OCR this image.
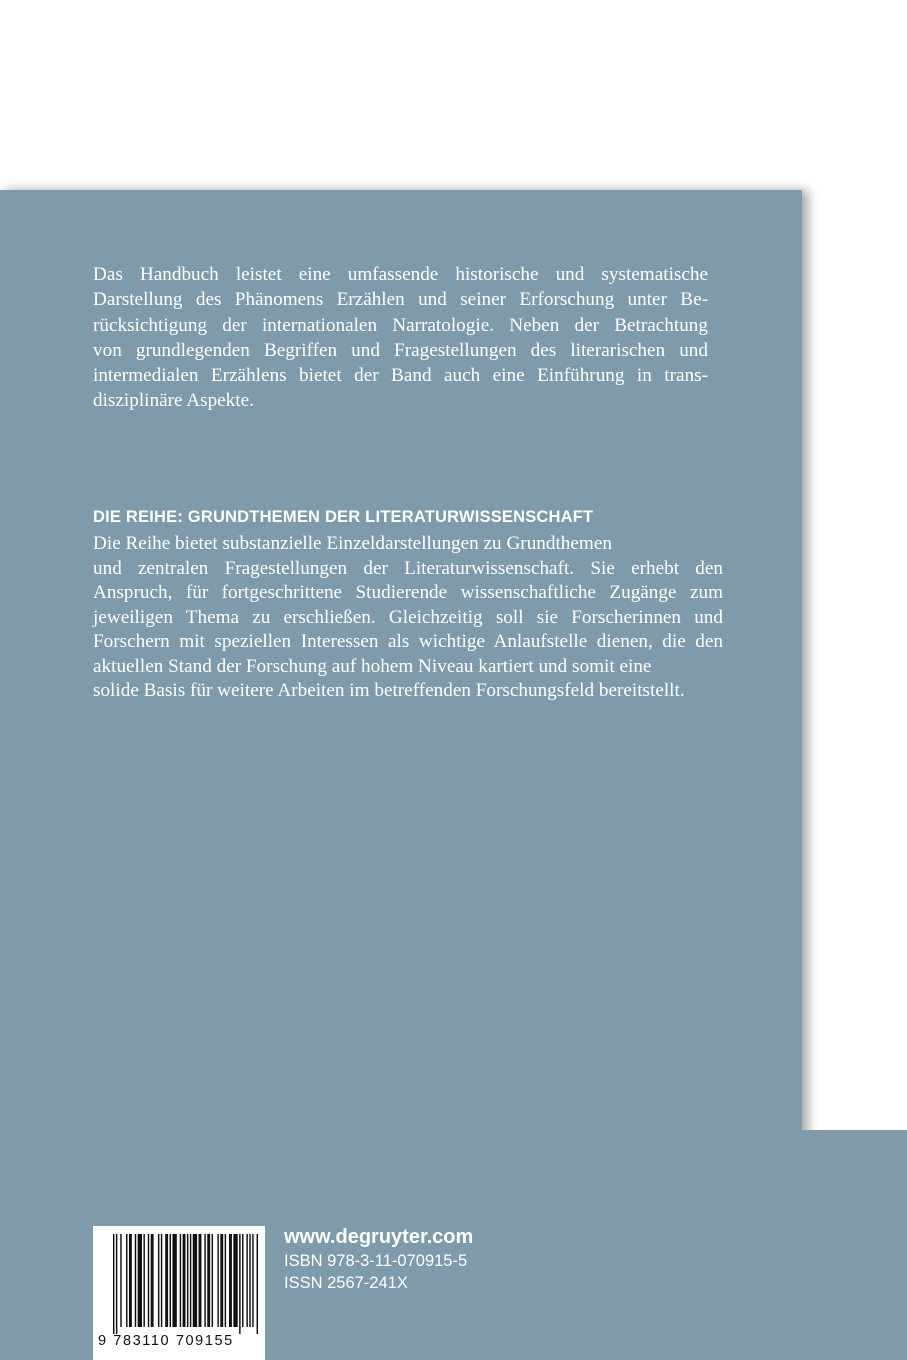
Das Handbuch leistet eine umfassende historische und systematische
Darstellung des Phänomens Erzählen und seiner Erforschung unter Be-
rücksichtigung der internationalen Narratologie. Neben der Betrachtung
von grundlegenden Begriffen und Fragestellungen des literarischen und
intermedialen Erzählens bietet der Band auch eine Einführung in trans-
disziplinäre Aspekte.
DIE REIHE: GRUNDTHEMEN DER LITERATURWISSENSCHAFT
Die Reihe bietet substanzielle Einzeldarstellungen zu Grundthemen
und zentralen Fragestellungen der Literaturwissenschaft. Sie erhebt den
Anspruch, für fortgeschrittene Studierende wissenschaftliche Zugänge zum
jeweiligen Thema zu erschließen. Gleichzeitig soll sie Forscherinnen und
Forschern mit speziellen Interessen als wichtige Anlaufstelle dienen, die den
aktuellen Stand der Forschung auf hohem Niveau kartiert und somit eine
solide Basis für weitere Arbeiten im betreffenden Forschungsfeld bereitstellt.
9 783110 709155
www.degruyter.com
ISBN 978-3-11-070915-5
ISSN 2567-241X
